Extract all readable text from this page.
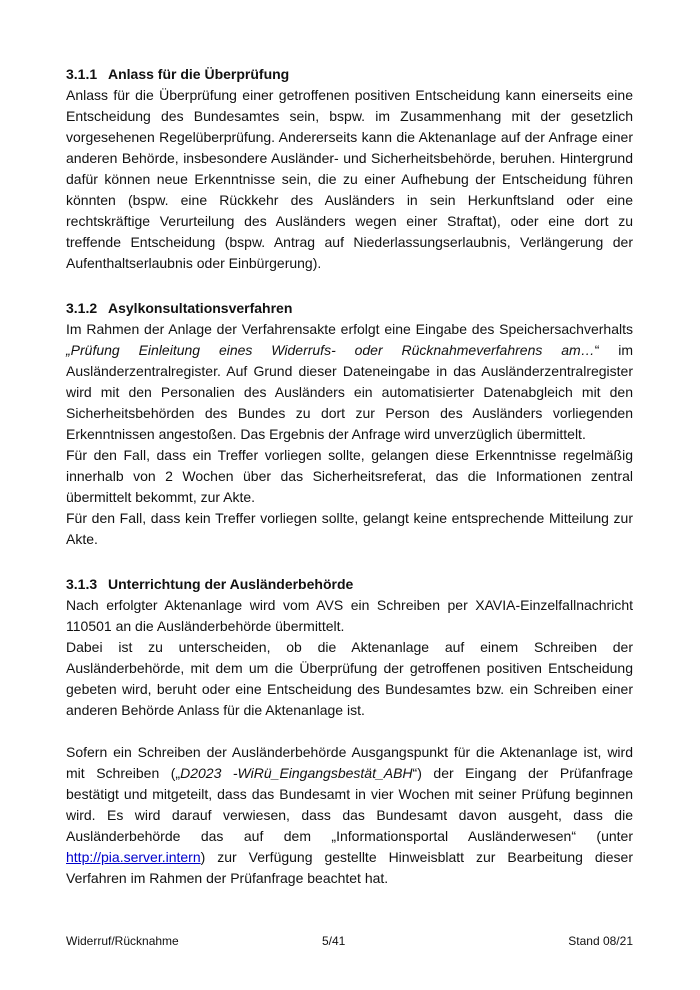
3.1.1 Anlass für die Überprüfung

Anlass für die Überprüfung einer getroffenen positiven Entscheidung kann einerseits eine Entscheidung des Bundesamtes sein, bspw. im Zusammenhang mit der gesetzlich vorgesehenen Regelüberprüfung. Andererseits kann die Aktenanlage auf der Anfrage einer anderen Behörde, insbesondere Ausländer- und Sicherheitsbehörde, beruhen. Hintergrund dafür können neue Erkenntnisse sein, die zu einer Aufhebung der Entscheidung führen könnten (bspw. eine Rückkehr des Ausländers in sein Herkunftsland oder eine rechtskräftige Verurteilung des Ausländers wegen einer Straftat), oder eine dort zu treffende Entscheidung (bspw. Antrag auf Niederlassungserlaubnis, Verlängerung der Aufenthaltserlaubnis oder Einbürgerung).

3.1.2 Asylkonsultationsverfahren

Im Rahmen der Anlage der Verfahrensakte erfolgt eine Eingabe des Speichersachverhalts „Prüfung Einleitung eines Widerrufs- oder Rücknahmeverfahrens am…“ im Ausländerzentralregister. Auf Grund dieser Dateneingabe in das Ausländerzentralregister wird mit den Personalien des Ausländers ein automatisierter Datenabgleich mit den Sicherheitsbehörden des Bundes zu dort zur Person des Ausländers vorliegenden Erkenntnissen angestoßen. Das Ergebnis der Anfrage wird unverzüglich übermittelt.

Für den Fall, dass ein Treffer vorliegen sollte, gelangen diese Erkenntnisse regelmäßig innerhalb von 2 Wochen über das Sicherheitsreferat, das die Informationen zentral übermittelt bekommt, zur Akte.

Für den Fall, dass kein Treffer vorliegen sollte, gelangt keine entsprechende Mitteilung zur Akte.

3.1.3 Unterrichtung der Ausländerbehörde

Nach erfolgter Aktenanlage wird vom AVS ein Schreiben per XAVIA-Einzelfallnachricht 110501 an die Ausländerbehörde übermittelt.

Dabei ist zu unterscheiden, ob die Aktenanlage auf einem Schreiben der Ausländerbehörde, mit dem um die Überprüfung der getroffenen positiven Entscheidung gebeten wird, beruht oder eine Entscheidung des Bundesamtes bzw. ein Schreiben einer anderen Behörde Anlass für die Aktenanlage ist.

Sofern ein Schreiben der Ausländerbehörde Ausgangspunkt für die Aktenanlage ist, wird mit Schreiben („D2023 -WiRü_Eingangsbestät_ABH“) der Eingang der Prüfanfrage bestätigt und mitgeteilt, dass das Bundesamt in vier Wochen mit seiner Prüfung beginnen wird. Es wird darauf verwiesen, dass das Bundesamt davon ausgeht, dass die Ausländerbehörde das auf dem „Informationsportal Ausländerwesen“ (unter http://pia.server.intern) zur Verfügung gestellte Hinweisblatt zur Bearbeitung dieser Verfahren im Rahmen der Prüfanfrage beachtet hat.

Widerruf/Rücknahme	5/41	Stand 08/21
